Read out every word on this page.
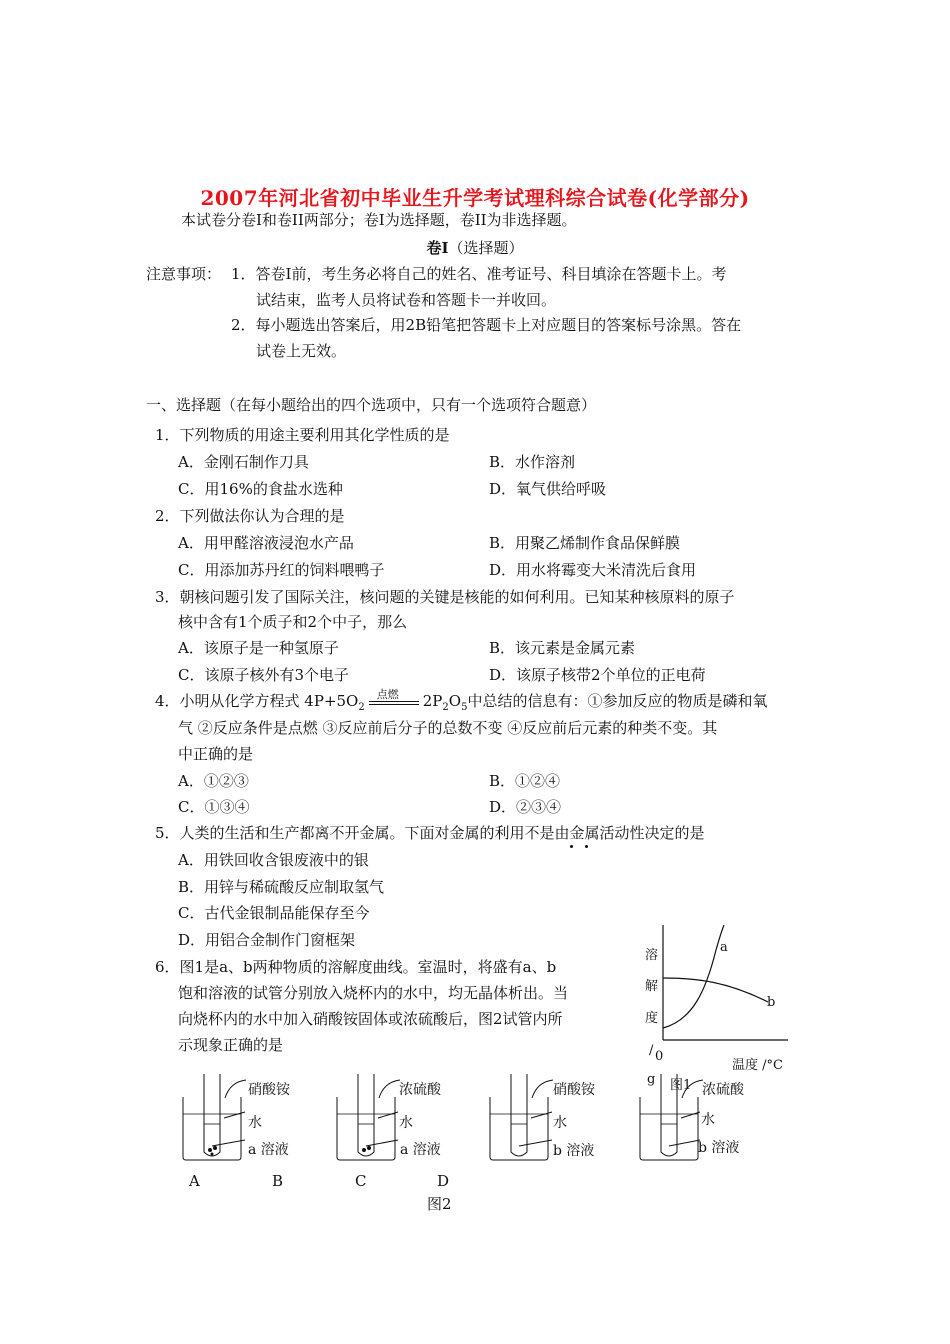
2007年河北省初中毕业生升学考试理科综合试卷(化学部分)
本试卷分卷I和卷II两部分；卷I为选择题，卷II为非选择题。
卷Ⅰ（选择题）
注意事项： 1．答卷Ⅰ前，考生务必将自己的姓名、准考证号、科目填涂在答题卡上。考
试结束，监考人员将试卷和答题卡一并收回。
2．每小题选出答案后，用2B铅笔把答题卡上对应题目的答案标号涂黑。答在
试卷上无效。
一、选择题（在每小题给出的四个选项中，只有一个选项符合题意）
1．下列物质的用途主要利用其化学性质的是
A．金刚石制作刀具	B．水作溶剂
C．用16%的食盐水选种	D．氧气供给呼吸
2．下列做法你认为合理的是
A．用甲醛溶液浸泡水产品	B．用聚乙烯制作食品保鲜膜
C．用添加苏丹红的饲料喂鸭子	D．用水将霉变大米清洗后食用
3．朝核问题引发了国际关注，核问题的关键是核能的如何利用。已知某种核原料的原子
核中含有1个质子和2个中子，那么
A．该原子是一种氢原子	B．该元素是金属元素
C．该原子核外有3个电子	D．该原子核带2个单位的正电荷
4．小明从化学方程式 $4P+5O_2$
点燃 $2P_2O_5$中总结的信息有：①参加反应的物质是磷和氧
气 ②反应条件是点燃 ③反应前后分子的总数不变 ④反应前后元素的种类不变。其
中正确的是
A．①②③	B．①②④
C．①③④	D．②③④
5．人类的生活和生产都离不开金属。下面对金属的利用不是由金属活动性决定的是
A．用铁回收含银废液中的银
B．用锌与稀硫酸反应制取氢气
C．古代金银制品能保存至今
D．用铝合金制作门窗框架
6．图1是a、b两种物质的溶解度曲线。室温时，将盛有a、b
饱和溶液的试管分别放入烧杯内的水中，均无晶体析出。当
向烧杯内的水中加入硝酸铵固体或浓硫酸后，图2试管内所
示现象正确的是
溶
解
度
a
b
/ 0
g
温度 /°C
图1
硝酸铵
水
a 溶液
浓硫酸
水
a 溶液
硝酸铵
水
b 溶液
浓硫酸
水
b 溶液
A	B	C	D
图2
